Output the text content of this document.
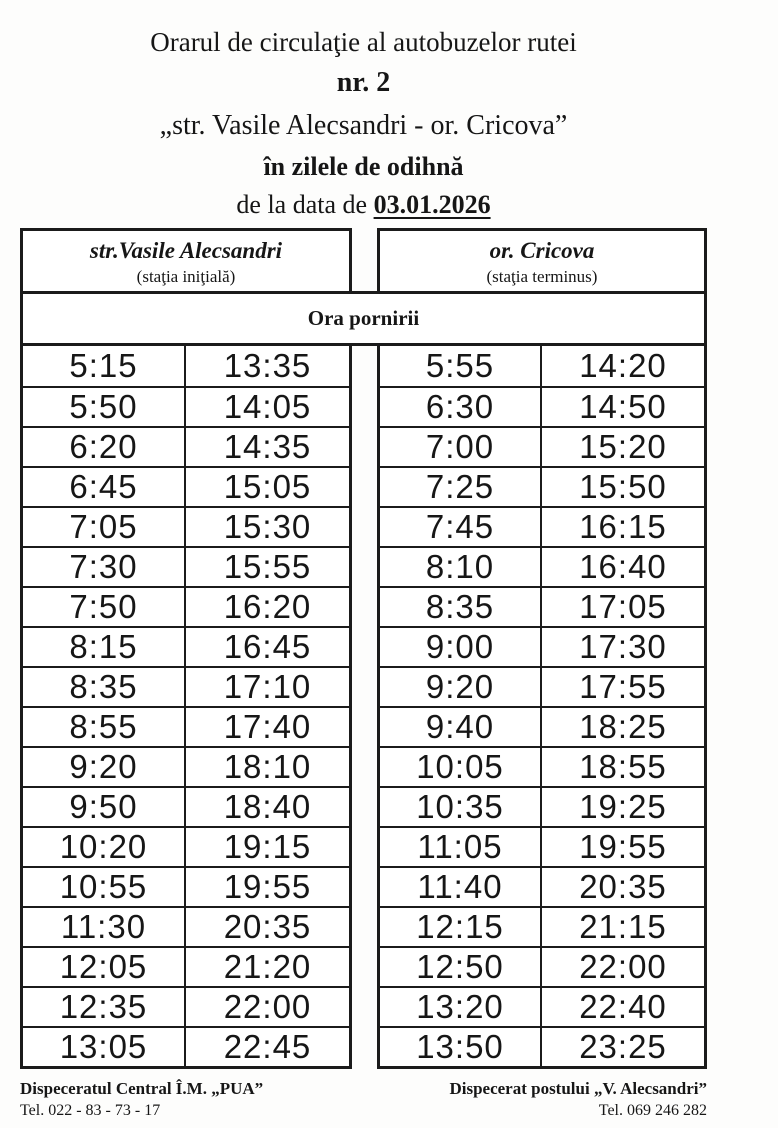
Orarul de circulaţie al autobuzelor rutei
nr. 2
„str. Vasile Alecsandri - or. Cricova”
în zilele de odihnă
de la data de 03.01.2026
str.Vasile Alecsandri
(staţia iniţială)
or. Cricova
(staţia terminus)
Ora pornirii
5:15	13:35
5:50	14:05
6:20	14:35
6:45	15:05
7:05	15:30
7:30	15:55
7:50	16:20
8:15	16:45
8:35	17:10
8:55	17:40
9:20	18:10
9:50	18:40
10:20	19:15
10:55	19:55
11:30	20:35
12:05	21:20
12:35	22:00
13:05	22:45
5:55	14:20
6:30	14:50
7:00	15:20
7:25	15:50
7:45	16:15
8:10	16:40
8:35	17:05
9:00	17:30
9:20	17:55
9:40	18:25
10:05	18:55
10:35	19:25
11:05	19:55
11:40	20:35
12:15	21:15
12:50	22:00
13:20	22:40
13:50	23:25
Dispeceratul Central Î.M. „PUA”
Tel. 022 - 83 - 73 - 17
Dispecerat postului „V. Alecsandri”
Tel. 069 246 282
